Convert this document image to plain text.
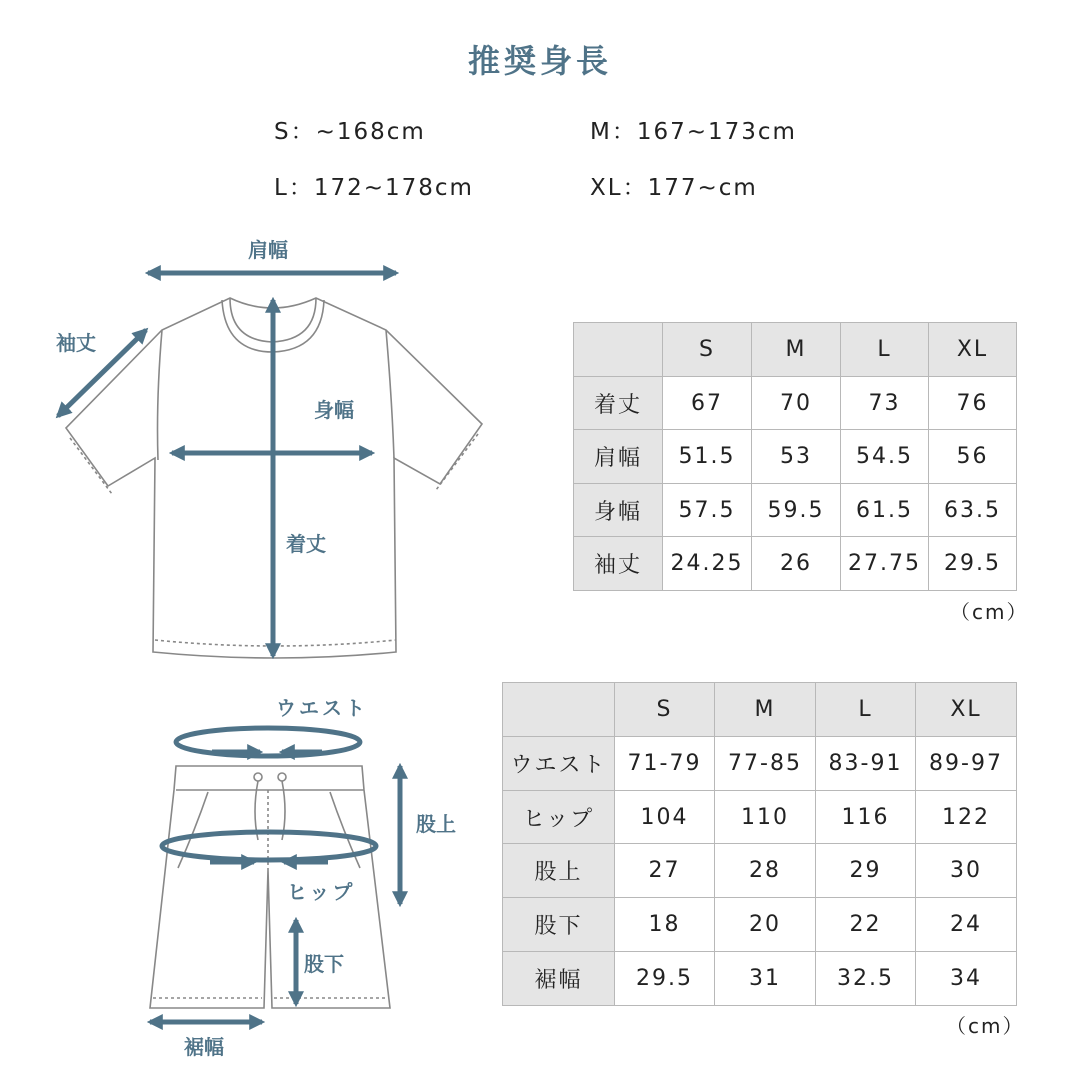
推奨身長
S：~168cm	M：167~173cm
L：172~178cm	XL：177~cm
肩幅
袖丈
身幅
着丈
ウエスト
股上
ヒップ
股下
裾幅
	S	M	L	XL
着丈	67	70	73	76
肩幅	51.5	53	54.5	56
身幅	57.5	59.5	61.5	63.5
袖丈	24.25	26	27.75	29.5
（cm）
	S	M	L	XL
ウエスト	71-79	77-85	83-91	89-97
ヒップ	104	110	116	122
股上	27	28	29	30
股下	18	20	22	24
裾幅	29.5	31	32.5	34
（cm）
